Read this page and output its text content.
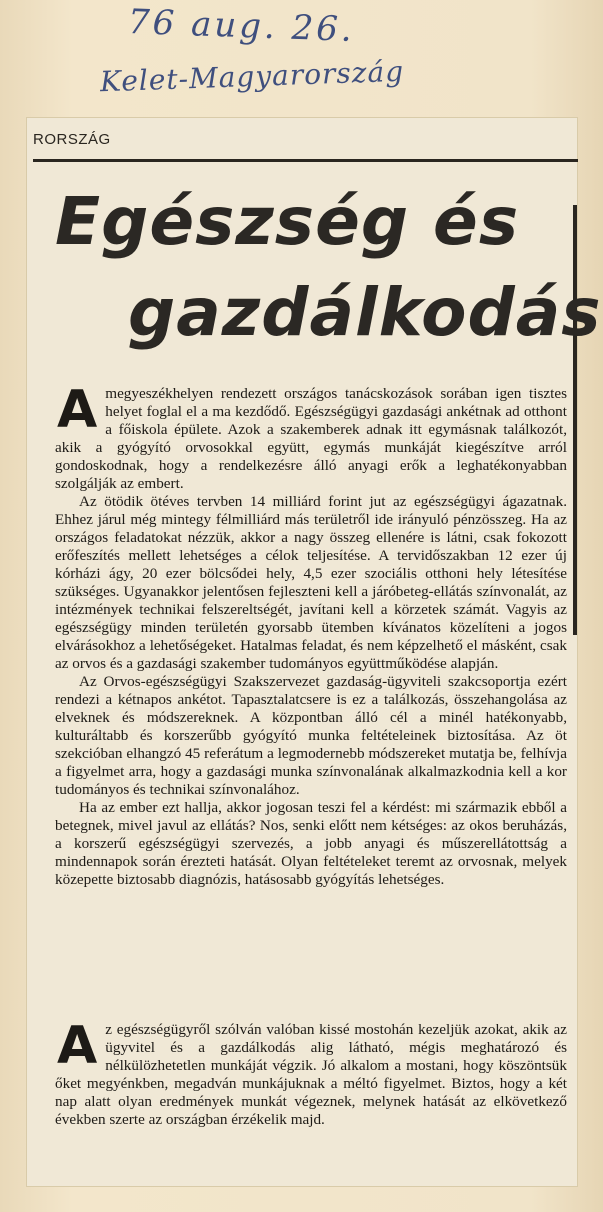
76 aug. 26.
Kelet-Magyarország
RORSZÁG
Egészség és
gazdálkodás
A megyeszékhelyen rendezett országos tanácskozások sorában igen tisztes helyet foglal el a ma kezdődő. Egészségügyi gazdasági ankétnak ad otthont a főiskola épülete. Azok a szakemberek adnak itt egymásnak találkozót, akik a gyógyító orvosokkal együtt, egymás munkáját kiegészítve arról gondoskodnak, hogy a rendelkezésre álló anyagi erők a leghatékonyabban szolgálják az embert.

Az ötödik ötéves tervben 14 milliárd forint jut az egészségügyi ágazatnak. Ehhez járul még mintegy félmilliárd más területről ide irányuló pénzösszeg. Ha az országos feladatokat nézzük, akkor a nagy összeg ellenére is látni, csak fokozott erőfeszítés mellett lehetséges a célok teljesítése. A tervidőszakban 12 ezer új kórházi ágy, 20 ezer bölcsődei hely, 4,5 ezer szociális otthoni hely létesítése szükséges. Ugyanakkor jelentősen fejleszteni kell a járóbeteg-ellátás színvonalát, az intézmények technikai felszereltségét, javítani kell a körzetek számát. Vagyis az egészségügy minden területén gyorsabb ütemben kívánatos közelíteni a jogos elvárásokhoz a lehetőségeket. Hatalmas feladat, és nem képzelhető el másként, csak az orvos és a gazdasági szakember tudományos együttműködése alapján.

Az Orvos-egészségügyi Szakszervezet gazdaság-ügyviteli szakcsoportja ezért rendezi a kétnapos ankétot. Tapasztalatcsere is ez a találkozás, összehangolása az elveknek és módszereknek. A központban álló cél a minél hatékonyabb, kulturáltabb és korszerűbb gyógyító munka feltételeinek biztosítása. Az öt szekcióban elhangzó 45 referátum a legmodernebb módszereket mutatja be, felhívja a figyelmet arra, hogy a gazdasági munka színvonalának alkalmazkodnia kell a kor tudományos és technikai színvonalához.

Ha az ember ezt hallja, akkor jogosan teszi fel a kérdést: mi származik ebből a betegnek, mivel javul az ellátás? Nos, senki előtt nem kétséges: az okos beruházás, a korszerű egészségügyi szervezés, a jobb anyagi és műszerellátottság a mindennapok során érezteti hatását. Olyan feltételeket teremt az orvosnak, melyek közepette biztosabb diagnózis, hatásosabb gyógyítás lehetséges.

A z egészségügyről szólván valóban kissé mostohán kezeljük azokat, akik az ügyvitel és a gazdálkodás alig látható, mégis meghatározó és nélkülözhetetlen munkáját végzik. Jó alkalom a mostani, hogy köszöntsük őket megyénkben, megadván munkájuknak a méltó figyelmet. Biztos, hogy a két nap alatt olyan eredmények munkát végeznek, melynek hatását az elkövetkező években szerte az országban érzékelik majd.
